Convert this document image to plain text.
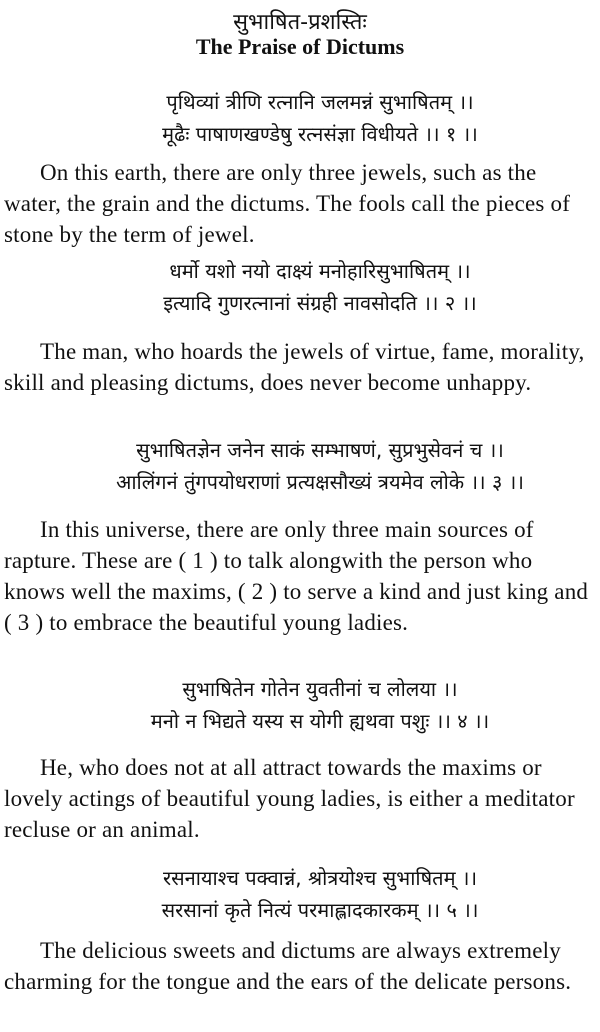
सुभाषित-प्रशस्तिः
The Praise of Dictums
पृथिव्यां त्रीणि रत्नानि जलमन्नं सुभाषितम् ।।
मूढैः पाषाणखण्डेषु रत्नसंज्ञा विधीयते ।। १ ।।
On this earth, there are only three jewels, such as the water, the grain and the dictums. The fools call the pieces of stone by the term of jewel.
धर्मो यशो नयो दाक्ष्यं मनोहारिसुभाषितम् ।।
इत्यादि गुणरत्नानां संग्रही नावसोदति ।। २ ।।
The man, who hoards the jewels of virtue, fame, morality, skill and pleasing dictums, does never become unhappy.
सुभाषितज्ञेन जनेन साकं सम्भाषणं, सुप्रभुसेवनं च ।।
आलिंगनं तुंगपयोधराणां प्रत्यक्षसौख्यं त्रयमेव लोके ।। ३ ।।
In this universe, there are only three main sources of rapture. These are ( 1 ) to talk alongwith the person who knows well the maxims, ( 2 ) to serve a kind and just king and ( 3 ) to embrace the beautiful young ladies.
सुभाषितेन गोतेन युवतीनां च लोलया ।।
मनो न भिद्यते यस्य स योगी ह्यथवा पशुः ।। ४ ।।
He, who does not at all attract towards the maxims or lovely actings of beautiful young ladies, is either a meditator recluse or an animal.
रसनायाश्च पक्वान्नं, श्रोत्रयोश्च सुभाषितम् ।।
सरसानां कृते नित्यं परमाह्लादकारकम् ।। ५ ।।
The delicious sweets and dictums are always extremely charming for the tongue and the ears of the delicate persons.
